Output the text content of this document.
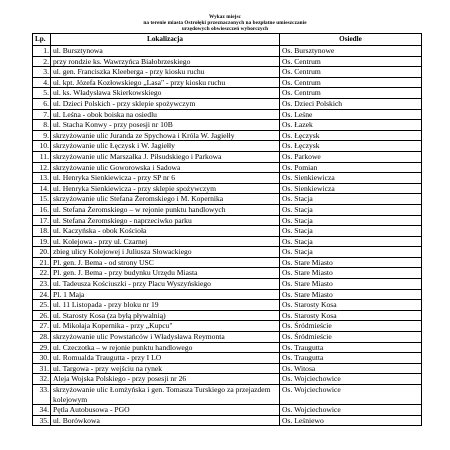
Wykaz miejsc
na terenie miasta Ostrołęki przeznaczonych na bezpłatne umieszczanie
urzędowych obwieszczeń wyborczych
Lp.	Lokalizacja	Osiedle
1.	ul. Bursztynowa	Os. Bursztynowe
2.	przy rondzie ks. Wawrzyńca Białobrzeskiego	Os. Centrum
3.	ul. gen. Franciszka Kleeberga - przy kiosku ruchu	Os. Centrum
4.	ul. kpt. Józefa Kozłowskiego „Lasa" - przy kiosku ruchu	Os. Centrum
5.	ul. ks. Władysława Skierkowskiego	Os. Centrum
6.	ul. Dzieci Polskich - przy sklepie spożywczym	Os. Dzieci Polskich
7.	ul. Leśna - obok boiska na osiedlu	Os. Leśne
8.	ul. Stacha Konwy - przy posesji nr 10B	Os. Łazek
9.	skrzyżowanie ulic Juranda ze Spychowa i Króla W. Jagiełły	Os. Łęczysk
10.	skrzyżowanie ulic Łęczysk i W. Jagiełły	Os. Łęczysk
11.	skrzyżowanie ulic Marszałka J. Piłsudskiego i Parkowa	Os. Parkowe
12.	skrzyżowanie ulic Goworowska i Sadowa	Os. Pomian
13.	ul. Henryka Sienkiewicza - przy SP nr 6	Os. Sienkiewicza
14.	ul. Henryka Sienkiewicza - przy sklepie spożywczym	Os. Sienkiewicza
15.	skrzyżowanie ulic Stefana Żeromskiego i M. Kopernika	Os. Stacja
16.	ul. Stefana Żeromskiego – w rejonie punktu handlowych	Os. Stacja
17.	ul. Stefana Żeromskiego - naprzeciwko parku	Os. Stacja
18.	ul. Kaczyńska - obok Kościoła	Os. Stacja
19.	ul. Kolejowa - przy ul. Czarnej	Os. Stacja
20.	zbieg ulicy Kolejowej i Juliusza Słowackiego	Os. Stacja
21.	Pl. gen. J. Bema - od strony USC	Os. Stare Miasto
22.	Pl. gen. J. Bema - przy budynku Urzędu Miasta	Os. Stare Miasto
23.	ul. Tadeusza Kościuszki - przy Placu Wyszyńskiego	Os. Stare Miasto
24.	Pl. 1 Maja	Os. Stare Miasto
25.	ul. 11 Listopada - przy bloku nr 19	Os. Starosty Kosa
26.	ul. Starosty Kosa (za byłą pływalnią)	Os. Starosty Kosa
27.	ul. Mikołaja Kopernika - przy „Kupcu"	Os. Śródmieście
28.	skrzyżowanie ulic Powstańców i Władysława Reymonta	Os. Śródmieście
29.	ul. Czeczotka – w rejonie punktu handlowego	Os. Traugutta
30.	ul. Romualda Traugutta - przy I LO	Os. Traugutta
31.	ul. Targowa - przy wejściu na rynek	Os. Witosa
32.	Aleja Wojska Polskiego - przy posesji nr 26	Os. Wojciechowice
33.	skrzyżowanie ulic Łomżyńska i gen. Tomasza Turskiego za przejazdem kolejowym	Os. Wojciechowice
34.	Pętla Autobusowa - PGO	Os. Wojciechowice
35.	ul. Borówkowa	Os. Leśniewo
